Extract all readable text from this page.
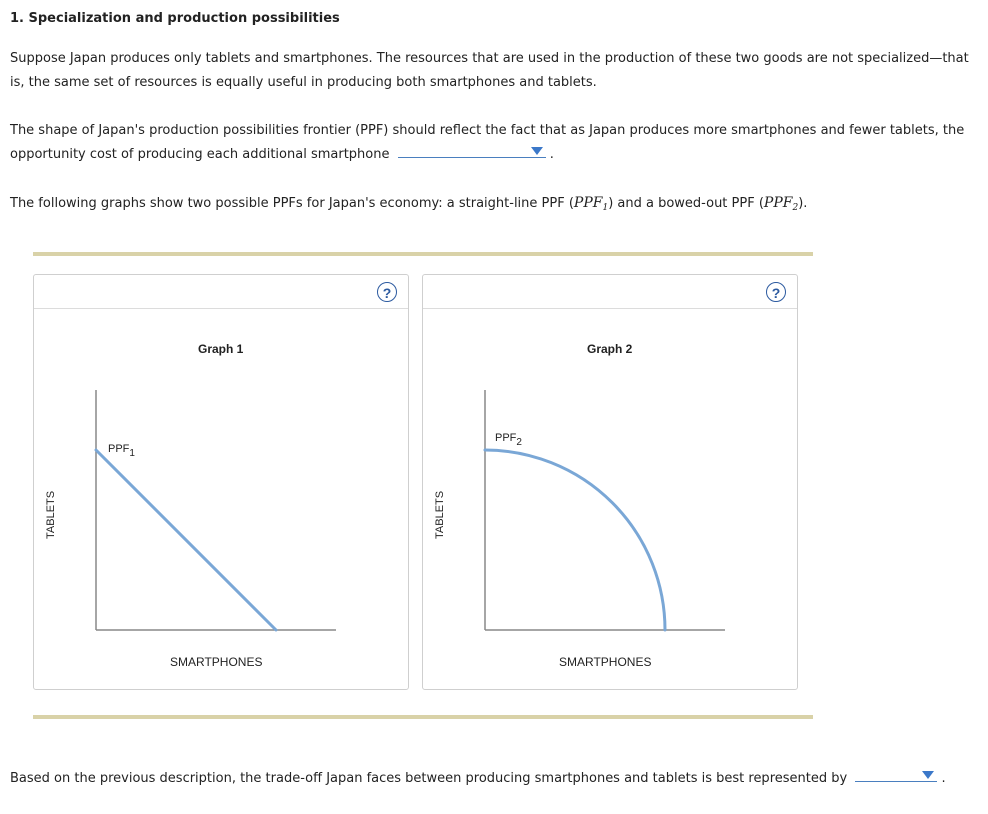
1. Specialization and production possibilities
Suppose Japan produces only tablets and smartphones. The resources that are used in the production of these two goods are not specialized—that is, the same set of resources is equally useful in producing both smartphones and tablets.
The shape of Japan's production possibilities frontier (PPF) should reflect the fact that as Japan produces more smartphones and fewer tablets, the
opportunity cost of producing each additional smartphone	.
The following graphs show two possible PPFs for Japan's economy: a straight-line PPF $(PPF_1)$ and a bowed-out PPF $(PPF_2)$.
?
Graph 1
PPF1
TABLETS
SMARTPHONES
?
Graph 2
PPF2
TABLETS
SMARTPHONES
Based on the previous description, the trade-off Japan faces between producing smartphones and tablets is best represented by	.
